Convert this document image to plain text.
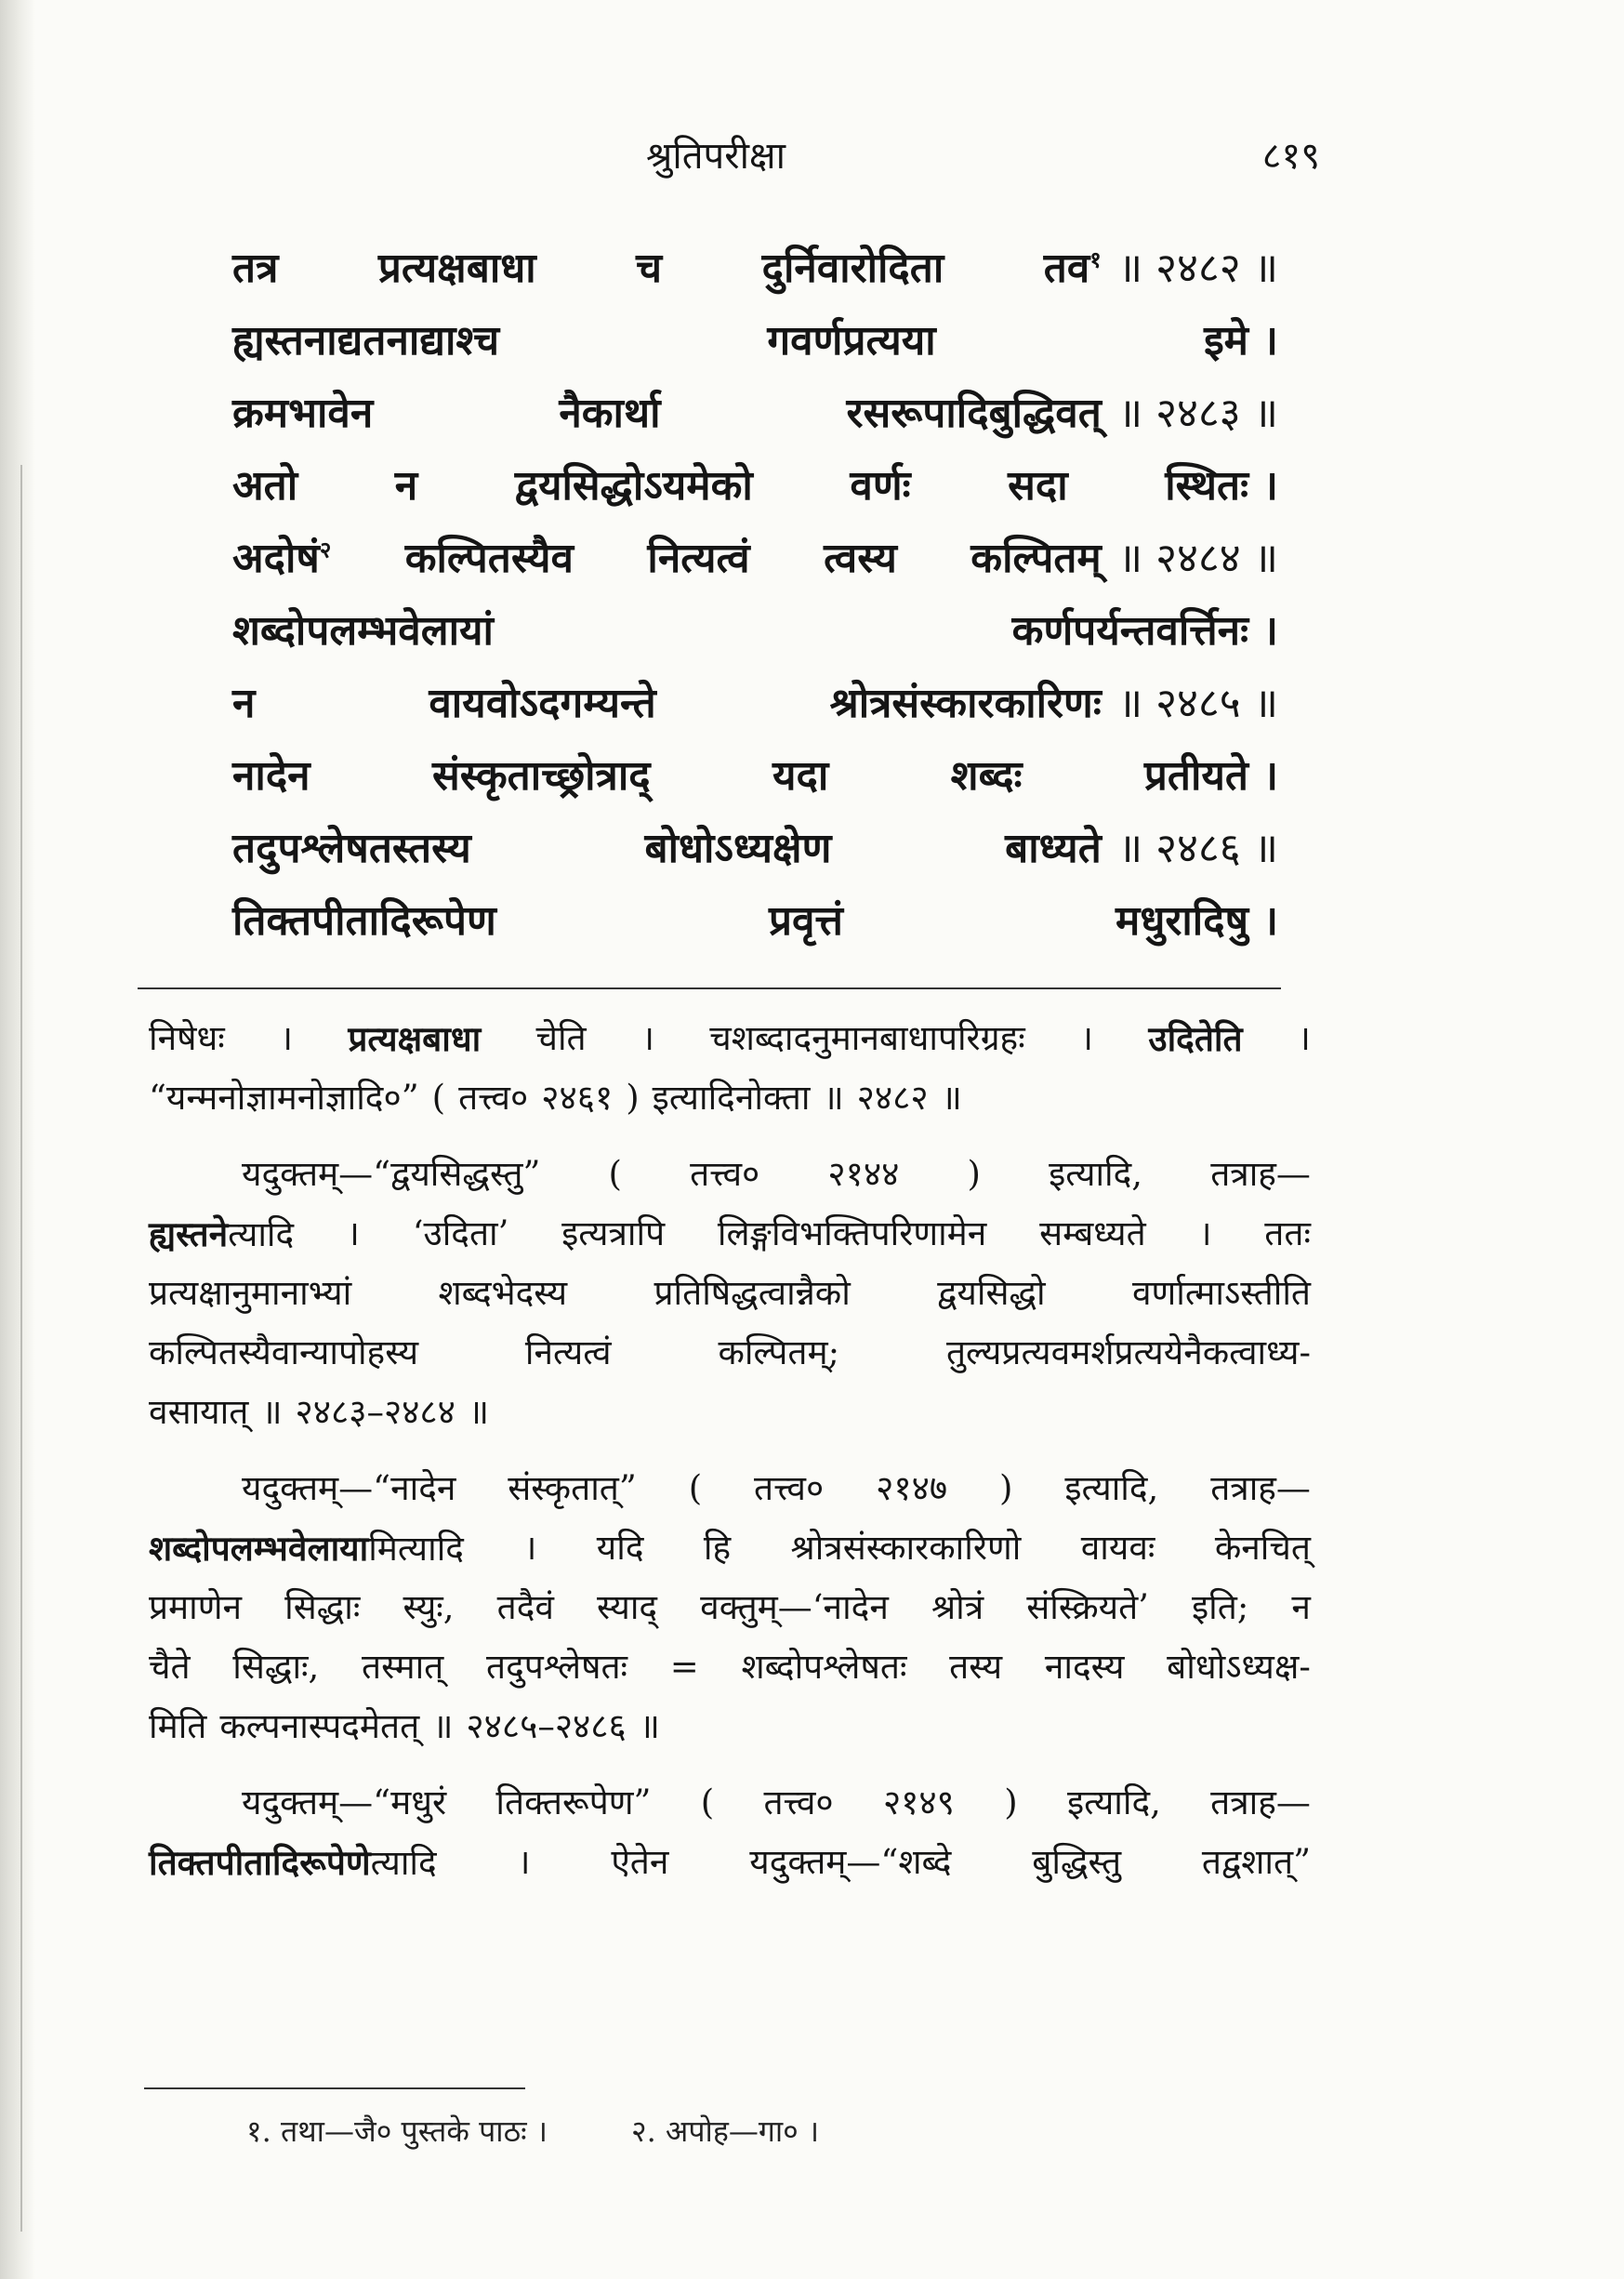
श्रुतिपरीक्षा	८१९
तत्र प्रत्यक्षबाधा च दुर्निवारोदिता तव$^१$ ॥ २४८२ ॥
ह्यस्तनाद्यतनाद्याश्च	गवर्णप्रत्यया	इमे ।
क्रमभावेन	नैकार्था	रसरूपादिबुद्धिवत् ॥ २४८३ ॥
अतो न द्वयसिद्धोऽयमेको वर्णः सदा स्थितः ।
अदोषं$^२$ कल्पितस्यैव नित्यत्वं त्वस्य कल्पितम् ॥ २४८४ ॥
शब्दोपलम्भवेलायां	कर्णपर्यन्तवर्त्तिनः ।
न	वायवोऽदगम्यन्ते	श्रोत्रसंस्कारकारिणः ॥ २४८५ ॥
नादेन	संस्कृताच्छ्रोत्राद्	यदा	शब्दः	प्रतीयते ।
तदुपश्लेषतस्तस्य	बोधोऽध्यक्षेण	बाध्यते ॥ २४८६ ॥
तिक्तपीतादिरूपेण	प्रवृत्तं	मधुरादिषु ।
निषेधः । प्रत्यक्षबाधा चेति । चशब्दादनुमानबाधापरिग्रहः । उदितेति ।
“यन्मनोज्ञामनोज्ञादि०” ( तत्त्व० २४६१ ) इत्यादिनोक्ता ॥ २४८२ ॥
यदुक्तम्—“द्वयसिद्धस्तु” ( तत्त्व० २१४४ ) इत्यादि, तत्राह—
ह्यस्तनेत्यादि । ‘उदिता’ इत्यत्रापि लिङ्गविभक्तिपरिणामेन सम्बध्यते । ततः
प्रत्यक्षानुमानाभ्यां	शब्दभेदस्य	प्रतिषिद्धत्वान्नैको	द्वयसिद्धो	वर्णात्माऽस्तीति
कल्पितस्यैवान्यापोहस्य	नित्यत्वं	कल्पितम्;	तुल्यप्रत्यवमर्शप्रत्ययेनैकत्वाध्य-
वसायात् ॥ २४८३–२४८४ ॥
यदुक्तम्—“नादेन संस्कृतात्” ( तत्त्व० २१४७ ) इत्यादि, तत्राह—
शब्दोपलम्भवेलायामित्यादि । यदि हि श्रोत्रसंस्कारकारिणो वायवः केनचित्
प्रमाणेन सिद्धाः स्युः, तदैवं स्याद् वक्तुम्—‘नादेन श्रोत्रं संस्क्रियते’ इति; न
चैते सिद्धाः, तस्मात् तदुपश्लेषतः = शब्दोपश्लेषतः तस्य नादस्य बोधोऽध्यक्ष-
मिति कल्पनास्पदमेतत् ॥ २४८५–२४८६ ॥
यदुक्तम्—“मधुरं तिक्तरूपेण” ( तत्त्व० २१४९ ) इत्यादि, तत्राह—
तिक्तपीतादिरूपेणेत्यादि । ऐतेन यदुक्तम्—“शब्दे बुद्धिस्तु तद्वशात्”
१. तथा—जै० पुस्तके पाठः ।	२. अपोह—गा० ।
